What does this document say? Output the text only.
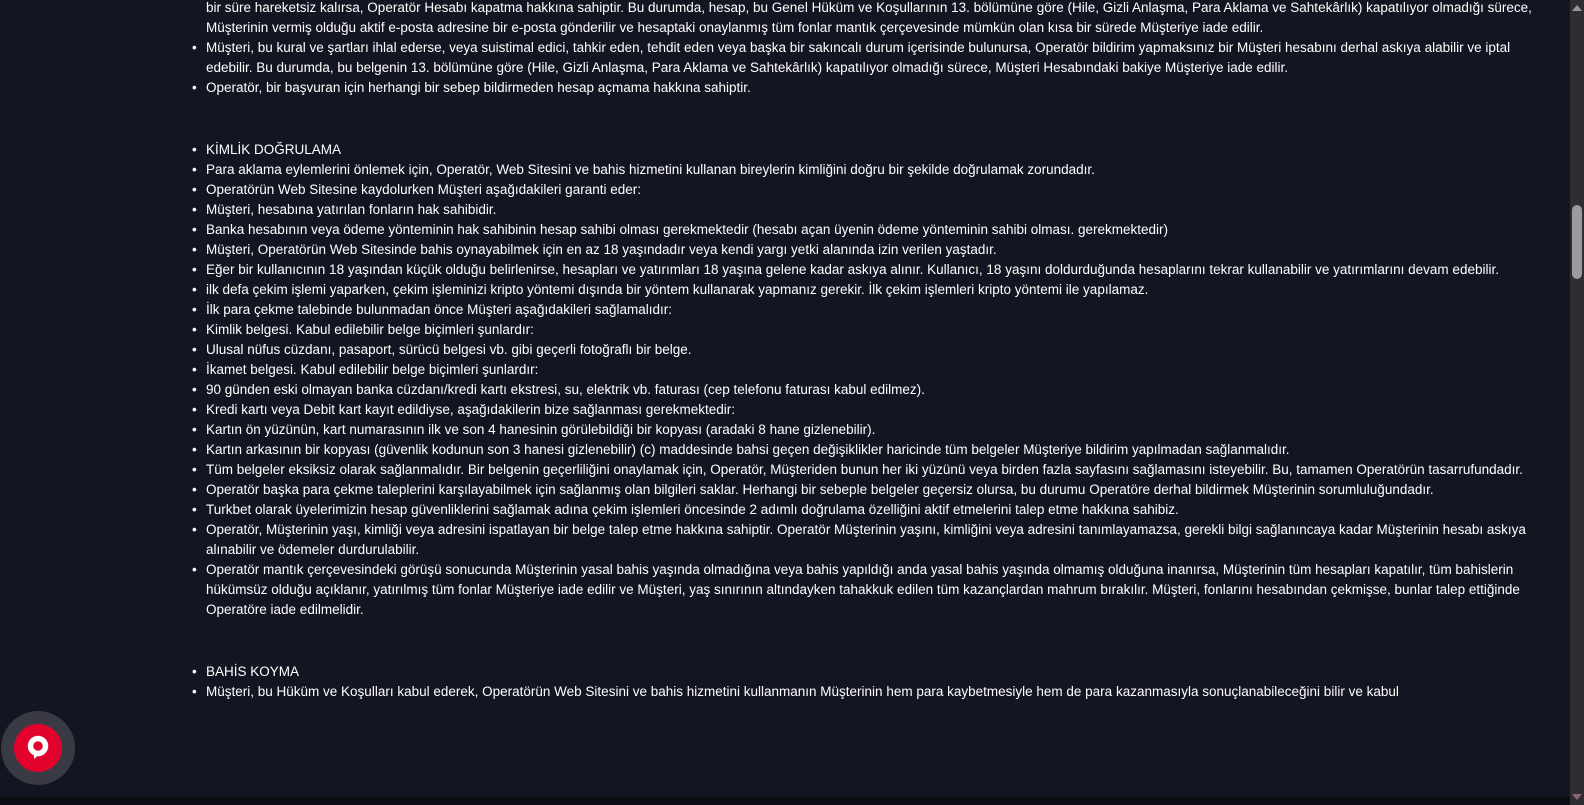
bir süre hareketsiz kalırsa, Operatör Hesabı kapatma hakkına sahiptir. Bu durumda, hesap, bu Genel Hüküm ve Koşullarının 13. bölümüne göre (Hile, Gizli Anlaşma, Para Aklama ve Sahtekârlık) kapatılıyor olmadığı sürece, Müşterinin vermiş olduğu aktif e-posta adresine bir e-posta gönderilir ve hesaptaki onaylanmış tüm fonlar mantık çerçevesinde mümkün olan kısa bir sürede Müşteriye iade edilir.
• Müşteri, bu kural ve şartları ihlal ederse, veya suistimal edici, tahkir eden, tehdit eden veya başka bir sakıncalı durum içerisinde bulunursa, Operatör bildirim yapmaksınız bir Müşteri hesabını derhal askıya alabilir ve iptal edebilir. Bu durumda, bu belgenin 13. bölümüne göre (Hile, Gizli Anlaşma, Para Aklama ve Sahtekârlık) kapatılıyor olmadığı sürece, Müşteri Hesabındaki bakiye Müşteriye iade edilir.
• Operatör, bir başvuran için herhangi bir sebep bildirmeden hesap açmama hakkına sahiptir.
• KİMLİK DOĞRULAMA
• Para aklama eylemlerini önlemek için, Operatör, Web Sitesini ve bahis hizmetini kullanan bireylerin kimliğini doğru bir şekilde doğrulamak zorundadır.
• Operatörün Web Sitesine kaydolurken Müşteri aşağıdakileri garanti eder:
• Müşteri, hesabına yatırılan fonların hak sahibidir.
• Banka hesabının veya ödeme yönteminin hak sahibinin hesap sahibi olması gerekmektedir (hesabı açan üyenin ödeme yönteminin sahibi olması. gerekmektedir)
• Müşteri, Operatörün Web Sitesinde bahis oynayabilmek için en az 18 yaşındadır veya kendi yargı yetki alanında izin verilen yaştadır.
• Eğer bir kullanıcının 18 yaşından küçük olduğu belirlenirse, hesapları ve yatırımları 18 yaşına gelene kadar askıya alınır. Kullanıcı, 18 yaşını doldurduğunda hesaplarını tekrar kullanabilir ve yatırımlarını devam edebilir.
• ilk defa çekim işlemi yaparken, çekim işleminizi kripto yöntemi dışında bir yöntem kullanarak yapmanız gerekir. İlk çekim işlemleri kripto yöntemi ile yapılamaz.
• İlk para çekme talebinde bulunmadan önce Müşteri aşağıdakileri sağlamalıdır:
• Kimlik belgesi. Kabul edilebilir belge biçimleri şunlardır:
• Ulusal nüfus cüzdanı, pasaport, sürücü belgesi vb. gibi geçerli fotoğraflı bir belge.
• İkamet belgesi. Kabul edilebilir belge biçimleri şunlardır:
• 90 günden eski olmayan banka cüzdanı/kredi kartı ekstresi, su, elektrik vb. faturası (cep telefonu faturası kabul edilmez).
• Kredi kartı veya Debit kart kayıt edildiyse, aşağıdakilerin bize sağlanması gerekmektedir:
• Kartın ön yüzünün, kart numarasının ilk ve son 4 hanesinin görülebildiği bir kopyası (aradaki 8 hane gizlenebilir).
• Kartın arkasının bir kopyası (güvenlik kodunun son 3 hanesi gizlenebilir) (c) maddesinde bahsi geçen değişiklikler haricinde tüm belgeler Müşteriye bildirim yapılmadan sağlanmalıdır.
• Tüm belgeler eksiksiz olarak sağlanmalıdır. Bir belgenin geçerliliğini onaylamak için, Operatör, Müşteriden bunun her iki yüzünü veya birden fazla sayfasını sağlamasını isteyebilir. Bu, tamamen Operatörün tasarrufundadır.
• Operatör başka para çekme taleplerini karşılayabilmek için sağlanmış olan bilgileri saklar. Herhangi bir sebeple belgeler geçersiz olursa, bu durumu Operatöre derhal bildirmek Müşterinin sorumluluğundadır.
• Turkbet olarak üyelerimizin hesap güvenliklerini sağlamak adına çekim işlemleri öncesinde 2 adımlı doğrulama özelliğini aktif etmelerini talep etme hakkına sahibiz.
• Operatör, Müşterinin yaşı, kimliği veya adresini ispatlayan bir belge talep etme hakkına sahiptir. Operatör Müşterinin yaşını, kimliğini veya adresini tanımlayamazsa, gerekli bilgi sağlanıncaya kadar Müşterinin hesabı askıya alınabilir ve ödemeler durdurulabilir.
• Operatör mantık çerçevesindeki görüşü sonucunda Müşterinin yasal bahis yaşında olmadığına veya bahis yapıldığı anda yasal bahis yaşında olmamış olduğuna inanırsa, Müşterinin tüm hesapları kapatılır, tüm bahislerin hükümsüz olduğu açıklanır, yatırılmış tüm fonlar Müşteriye iade edilir ve Müşteri, yaş sınırının altındayken tahakkuk edilen tüm kazançlardan mahrum bırakılır. Müşteri, fonlarını hesabından çekmişse, bunlar talep ettiğinde Operatöre iade edilmelidir.
• BAHİS KOYMA
• Müşteri, bu Hüküm ve Koşulları kabul ederek, Operatörün Web Sitesini ve bahis hizmetini kullanmanın Müşterinin hem para kaybetmesiyle hem de para kazanmasıyla sonuçlanabileceğini bilir ve kabul
